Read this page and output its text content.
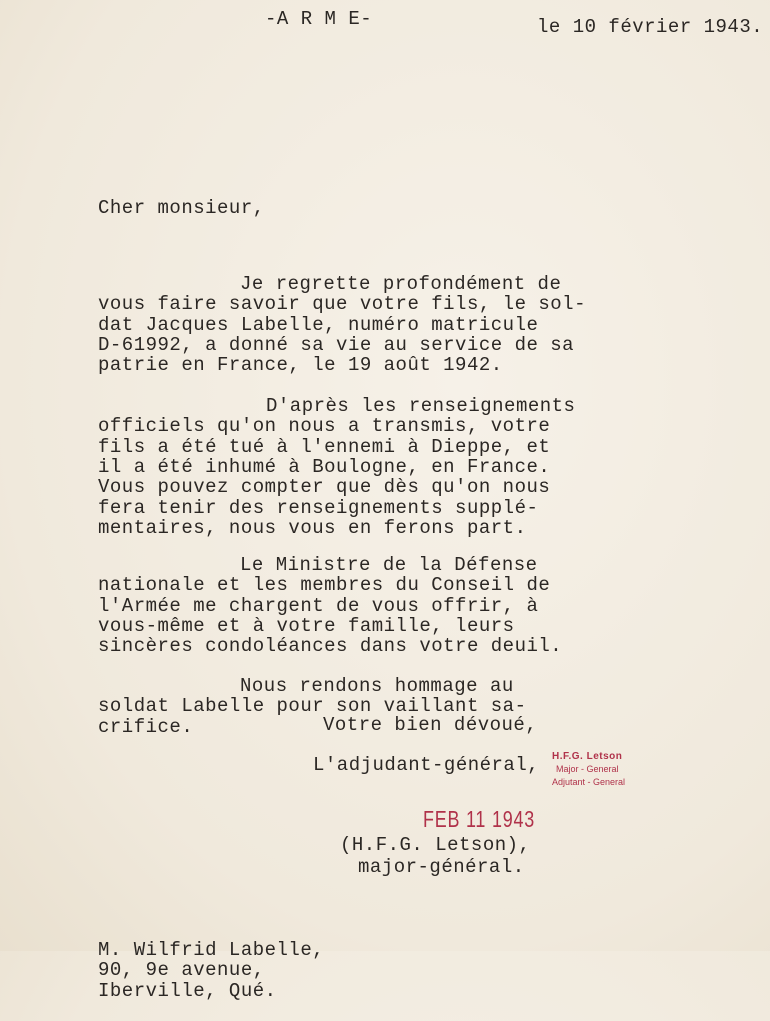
-A R M E-	le 10 février 1943.
Cher monsieur,

Je regrette profondément de
vous faire savoir que votre fils, le sol-
dat Jacques Labelle, numéro matricule
D-61992, a donné sa vie au service de sa
patrie en France, le 19 août 1942.

D'après les renseignements
officiels qu'on nous a transmis, votre
fils a été tué à l'ennemi à Dieppe, et
il a été inhumé à Boulogne, en France.
Vous pouvez compter que dès qu'on nous
fera tenir des renseignements supplé-
mentaires, nous vous en ferons part.

Le Ministre de la Défense
nationale et les membres du Conseil de
l'Armée me chargent de vous offrir, à
vous-même et à votre famille, leurs
sincères condoléances dans votre deuil.

Nous rendons hommage au
soldat Labelle pour son vaillant sa-
crifice.	Votre bien dévoué,
L'adjudant-général, H.F.G. Letson
Major - General
Adjutant - General
FEB 11 1943
(H.F.G. Letson),
major-général.

M. Wilfrid Labelle,
90, 9e avenue,
Iberville, Qué.
